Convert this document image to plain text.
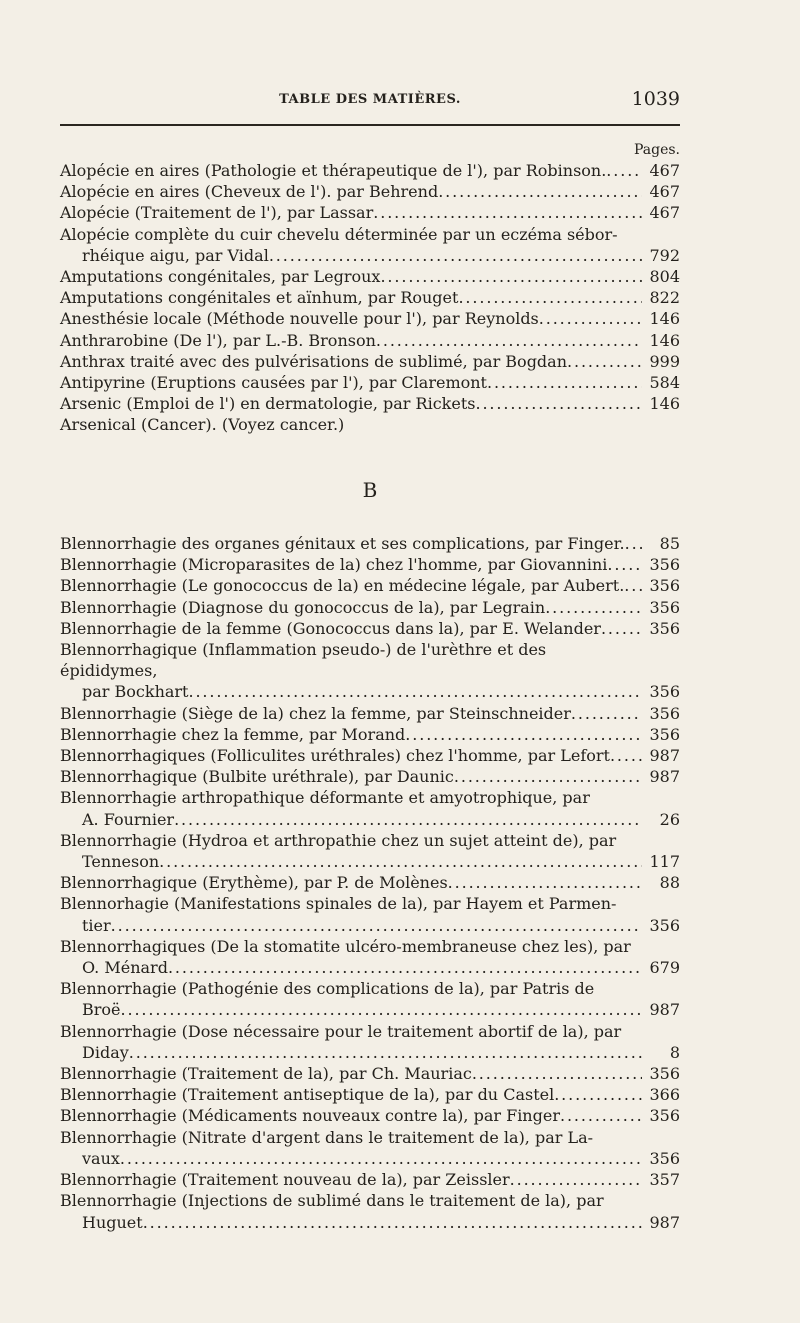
TABLE DES MATIÈRES.	1039
Pages.
Alopécie en aires (Pathologie et thérapeutique de l'), par Robinson. . . .	467
Alopécie en aires (Cheveux de l'). par Behrend . . .	467
Alopécie (Traitement de l'), par Lassar . . .	467
Alopécie complète du cuir chevelu déterminée par un eczéma sébor-
rhéique aigu, par Vidal . . .	792
Amputations congénitales, par Legroux . . .	804
Amputations congénitales et aïnhum, par Rouget . . .	822
Anesthésie locale (Méthode nouvelle pour l'), par Reynolds . . .	146
Anthrarobine (De l'), par L.-B. Bronson . . .	146
Anthrax traité avec des pulvérisations de sublimé, par Bogdan . . .	999
Antipyrine (Eruptions causées par l'), par Claremont . . .	584
Arsenic (Emploi de l') en dermatologie, par Rickets . . .	146
Arsenical (Cancer). (Voyez cancer.)
B
Blennorrhagie des organes génitaux et ses complications, par Finger. . . .	85
Blennorrhagie (Microparasites de la) chez l'homme, par Giovannini . . .	356
Blennorrhagie (Le gonococcus de la) en médecine légale, par Aubert. . . .	356
Blennorrhagie (Diagnose du gonococcus de la), par Legrain . . .	356
Blennorrhagie de la femme (Gonococcus dans la), par E. Welander . . .	356
Blennorrhagique (Inflammation pseudo-) de l'urèthre et des épididymes,
par Bockhart . . .	356
Blennorrhagie (Siège de la) chez la femme, par Steinschneider . . .	356
Blennorrhagie chez la femme, par Morand . . .	356
Blennorrhagiques (Folliculites uréthrales) chez l'homme, par Lefort . . .	987
Blennorrhagique (Bulbite uréthrale), par Daunic . . .	987
Blennorrhagie arthropathique déformante et amyotrophique, par
A. Fournier . . .	26
Blennorrhagie (Hydroa et arthropathie chez un sujet atteint de), par
Tenneson . . .	117
Blennorrhagique (Erythème), par P. de Molènes . . .	88
Blennorhagie (Manifestations spinales de la), par Hayem et Parmen-
tier . . .	356
Blennorrhagiques (De la stomatite ulcéro-membraneuse chez les), par
O. Ménard . . .	679
Blennorrhagie (Pathogénie des complications de la), par Patris de
Broë . . .	987
Blennorrhagie (Dose nécessaire pour le traitement abortif de la), par
Diday . . .	8
Blennorrhagie (Traitement de la), par Ch. Mauriac . . .	356
Blennorrhagie (Traitement antiseptique de la), par du Castel . . .	366
Blennorrhagie (Médicaments nouveaux contre la), par Finger . . .	356
Blennorrhagie (Nitrate d'argent dans le traitement de la), par La-
vaux . . .	356
Blennorrhagie (Traitement nouveau de la), par Zeissler . . .	357
Blennorrhagie (Injections de sublimé dans le traitement de la), par
Huguet . . .	987
